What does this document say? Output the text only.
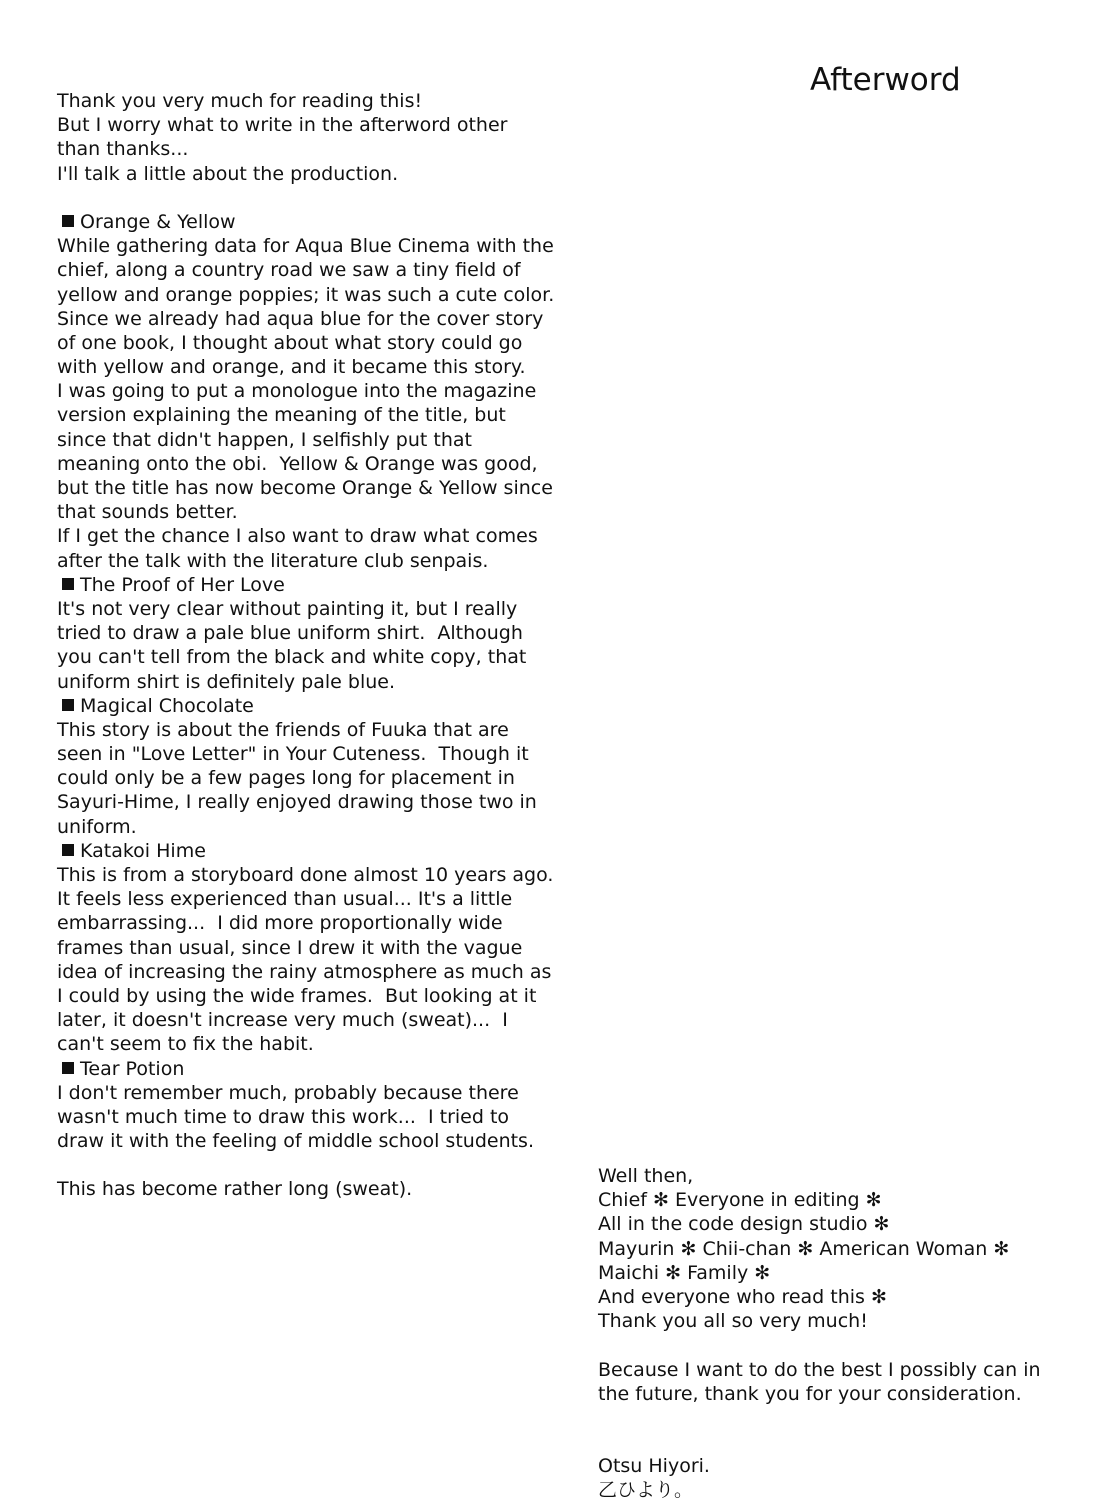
Afterword
Thank you very much for reading this!
But I worry what to write in the afterword other
than thanks...
I'll talk a little about the production.
Orange & Yellow
While gathering data for Aqua Blue Cinema with the
chief, along a country road we saw a tiny field of
yellow and orange poppies; it was such a cute color.
Since we already had aqua blue for the cover story
of one book, I thought about what story could go
with yellow and orange, and it became this story.
I was going to put a monologue into the magazine
version explaining the meaning of the title, but
since that didn't happen, I selfishly put that
meaning onto the obi.  Yellow & Orange was good,
but the title has now become Orange & Yellow since
that sounds better.
If I get the chance I also want to draw what comes
after the talk with the literature club senpais.
The Proof of Her Love
It's not very clear without painting it, but I really
tried to draw a pale blue uniform shirt.  Although
you can't tell from the black and white copy, that
uniform shirt is definitely pale blue.
Magical Chocolate
This story is about the friends of Fuuka that are
seen in "Love Letter" in Your Cuteness.  Though it
could only be a few pages long for placement in
Sayuri-Hime, I really enjoyed drawing those two in
uniform.
Katakoi Hime
This is from a storyboard done almost 10 years ago.
It feels less experienced than usual... It's a little
embarrassing...  I did more proportionally wide
frames than usual, since I drew it with the vague
idea of increasing the rainy atmosphere as much as
I could by using the wide frames.  But looking at it
later, it doesn't increase very much (sweat)...  I
can't seem to fix the habit.
Tear Potion
I don't remember much, probably because there
wasn't much time to draw this work...  I tried to
draw it with the feeling of middle school students.
This has become rather long (sweat).
Well then,
Chief ✻ Everyone in editing ✻
All in the code design studio ✻
Mayurin ✻ Chii-chan ✻ American Woman ✻
Maichi ✻ Family ✻
And everyone who read this ✻
Thank you all so very much!
Because I want to do the best I possibly can in
the future, thank you for your consideration.
Otsu Hiyori.
乙ひより。
